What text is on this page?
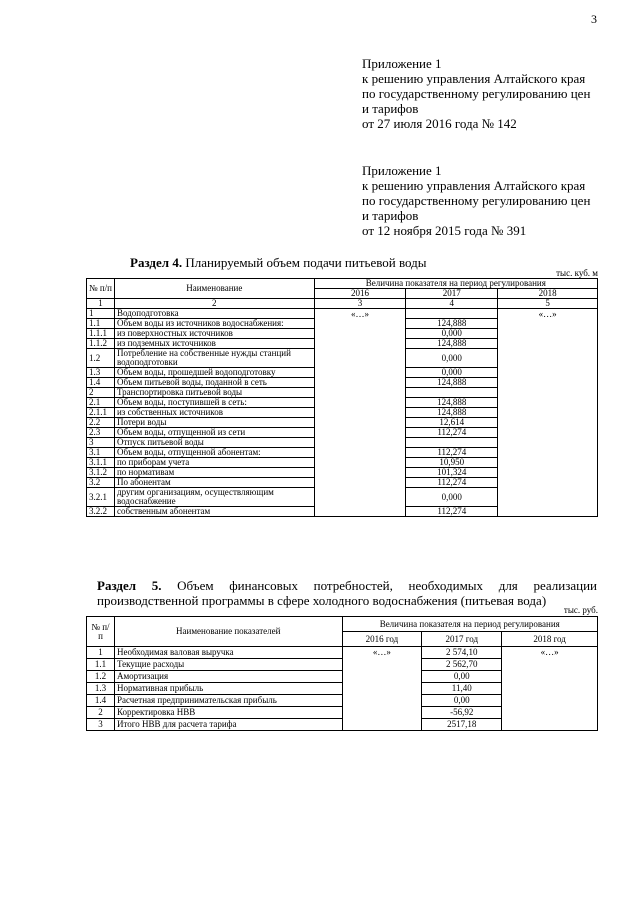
3
Приложение 1
к решению управления Алтайского края
по государственному регулированию цен
и тарифов
от 27 июля 2016 года № 142
Приложение 1
к решению управления Алтайского края
по государственному регулированию цен
и тарифов
от 12 ноября 2015 года № 391
Раздел 4. Планируемый объем подачи питьевой воды
тыс. куб. м
№ п/п	Наименование	Величина показателя на период регулирования		
		2016	2017	2018
1	2	3	4	5
1	Водоподготовка	«…»		«…»
1.1	Объем воды из источников водоснабжения:		124,888	
1.1.1	из поверхностных источников		0,000	
1.1.2	из подземных источников		124,888	
1.2	Потребление на собственные нужды станций водоподготовки		0,000	
1.3	Объем воды, прошедшей водоподготовку		0,000	
1.4	Объем питьевой воды, поданной в сеть		124,888	
2	Транспортировка питьевой воды			
2.1	Объем воды, поступившей в сеть:		124,888	
2.1.1	из собственных источников		124,888	
2.2	Потери воды		12,614	
2.3	Объем воды, отпущенной из сети		112,274	
3	Отпуск питьевой воды			
3.1	Объем воды, отпущенной абонентам:		112,274	
3.1.1	по приборам учета		10,950	
3.1.2	по нормативам		101,324	
3.2	По абонентам		112,274	
3.2.1	другим организациям, осуществляющим водоснабжение		0,000	
3.2.2	собственным абонентам		112,274	
Раздел 5. Объем финансовых потребностей, необходимых для реализации производственной программы в сфере холодного водоснабжения (питьевая вода)
тыс. руб.
№ п/п	Наименование показателей	Величина показателя на период регулирования		
		2016 год	2017 год	2018 год
1	Необходимая валовая выручка	«…»	2 574,10	«…»
1.1	Текущие расходы		2 562,70	
1.2	Амортизация		0,00	
1.3	Нормативная прибыль		11,40	
1.4	Расчетная предпринимательская прибыль		0,00	
2	Корректировка НВВ		-56,92	
3	Итого НВВ для расчета тарифа		2517,18	
